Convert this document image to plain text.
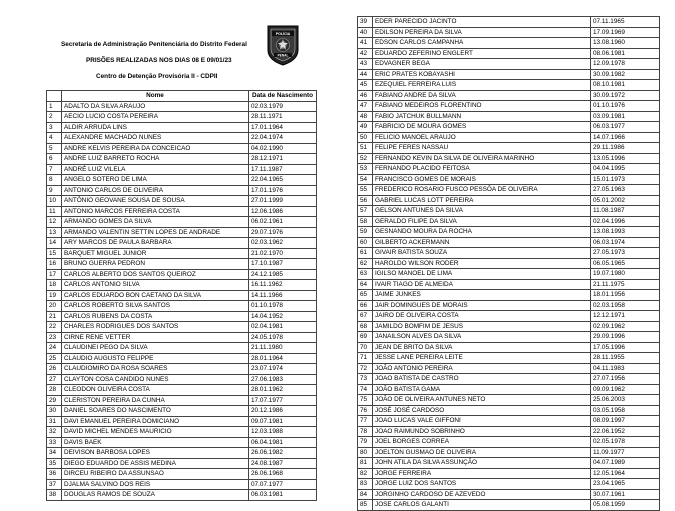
Secretaria de Administração Penitenciária do Distrito Federal
PRISÕES REALIZADAS NOS DIAS 08 E 09/01/23
Centro de Detenção Provisória II - CDPII
POLÍCIA
PENAL
	Nome	Data de Nascimento
1	ADALTO DA SILVA ARAUJO	02.03.1979
2	AECIO LUCIO COSTA PEREIRA	28.11.1971
3	ALDIR ARRUDA LINS	17.01.1964
4	ALEXANDRE MACHADO NUNES	22.04.1974
5	ANDRE KELVIS PEREIRA DA CONCEICAO	04.02.1990
6	ANDRE LUIZ BARRETO ROCHA	28.12.1971
7	ANDRÉ LUIZ VILELA	17.11.1987
8	ANGELO SOTERO DE LIMA	22.04.1965
9	ANTONIO CARLOS DE OLIVEIRA	17.01.1976
10	ANTÔNIO GEOVANE SOUSA DE SOUSA	27.01.1999
11	ANTONIO MARCOS FERREIRA COSTA	12.06.1986
12	ARMANDO GOMES DA SILVA	06.02.1961
13	ARMANDO VALENTIN SETTIN LOPES DE ANDRADE	29.07.1976
14	ARY MARCOS DE PAULA BARBARA	02.03.1962
15	BARQUET MIGUEL JUNIOR	21.02.1970
16	BRUNO GUERRA PEDRON	17.10.1987
17	CARLOS ALBERTO DOS SANTOS QUEIROZ	24.12.1985
18	CARLOS ANTONIO SILVA	16.11.1962
19	CARLOS EDUARDO BON CAETANO DA SILVA	14.11.1966
20	CARLOS ROBERTO SILVA SANTOS	01.10.1978
21	CARLOS RUBENS DA COSTA	14.04.1952
22	CHARLES RODRIGUES DOS SANTOS	02.04.1981
23	CIRNE RENE VETTER	24.05.1978
24	CLAUDINEI PEGO DA SILVA	21.11.1980
25	CLAUDIO AUGUSTO FELIPPE	28.01.1964
26	CLAUDIOMIRO DA ROSA SOARES	23.07.1974
27	CLAYTON COSA CANDIDO NUNES	27.06.1983
28	CLEODON OLIVEIRA COSTA	28.01.1962
29	CLERISTON PEREIRA DA CUNHA	17.07.1977
30	DANIEL SOARES DO NASCIMENTO	20.12.1986
31	DAVI EMANUEL PEREIRA DOMICIANO	09.07.1981
32	DAVID MICHEL MENDES MAURICIO	12.03.1988
33	DAVIS BAEK	06.04.1981
34	DEIVISON BARBOSA LOPES	26.06.1982
35	DIEGO EDUARDO DE ASSIS MEDINA	24.08.1987
36	DIRCEU RIBEIRO DA ASSUNSAO	26.06.1968
37	DJALMA SALVINO DOS REIS	07.07.1977
38	DOUGLAS RAMOS DE SOUZA	06.03.1981
39	EDER PARECIDO JACINTO	07.11.1965
40	EDILSON PEREIRA DA SILVA	17.09.1969
41	EDSON CARLOS CAMPANHA	13.08.1960
42	EDUARDO ZEFERINO ENGLERT	08.06.1981
43	EDVAGNER BEGA	12.09.1978
44	ERIC PRATES KOBAYASHI	30.09.1982
45	EZEQUIEL FERREIRA LUIS	08.10.1981
46	FABIANO ANDRE DA SILVA	30.09.1972
47	FABIANO MEDEIROS FLORENTINO	01.10.1976
48	FABIO JATCHUK BULLMANN	03.09.1981
49	FABRICIO DE MOURA GOMES	06.03.1977
50	FELICIO MANOEL ARAUJO	14.07.1966
51	FELIPE FERES NASSAU	29.11.1986
52	FERNANDO KEVIN DA SILVA DE OLIVEIRA MARINHO	13.05.1996
53	FERNANDO PLACIDO FEITOSA	04.04.1995
54	FRANCISCO GOMES DE MORAIS	15.01.1973
55	FREDERICO ROSARIO FUSCO PESSÔA DE OLIVEIRA	27.05.1963
56	GABRIEL LUCAS LOTT PEREIRA	05.01.2002
57	GELSON ANTUNES DA SILVA	11.08.1987
58	GERALDO FILIPE DA SILVA	02.04.1996
59	GESNANDO MOURA DA ROCHA	13.08.1993
60	GILBERTO ACKERMANN	06.03.1974
61	GIVAIR BATISTA SOUZA	27.05.1973
62	HAROLDO WILSON RODER	06.05.1965
63	IGILSO MANOEL DE LIMA	19.07.1980
64	IVAIR TIAGO DE ALMEIDA	21.11.1975
65	JAIME JUNKES	18.01.1956
66	JAIR DOMINGUES DE MORAIS	02.03.1958
67	JAIRO DE OLIVEIRA COSTA	12.12.1971
68	JAMILDO BOMFIM DE JESUS	02.09.1962
69	JANAILSON ALVES DA SILVA	29.09.1996
70	JEAN DE BRITO DA SILVA	17.05.1996
71	JESSE LANE PEREIRA LEITE	28.11.1955
72	JOÃO ANTONIO PEREIRA	04.11.1983
73	JOAO BATISTA DE CASTRO	27.07.1956
74	JOÃO BATISTA GAMA	09.09.1962
75	JOÃO DE OLIVEIRA ANTUNES NETO	25.06.2003
76	JOSÉ JOSÉ CARDOSO	03.05.1958
77	JOAO LUCAS VALE GIFFONI	08.09.1997
78	JOAO RAIMUNDO SOBRINHO	22.06.1952
79	JOEL BORGES CORREA	02.05.1978
80	JOELTON GUSMAO DE OLIVEIRA	11.09.1977
81	JOHN ATILA DA SILVA ASSUNÇÃO	04.07.1989
82	JORGE FERREIRA	12.05.1964
83	JORGE LUIZ DOS SANTOS	23.04.1965
84	JORGINHO CARDOSO DE AZEVEDO	30.07.1961
85	JOSE CARLOS GALANTI	05.08.1959
